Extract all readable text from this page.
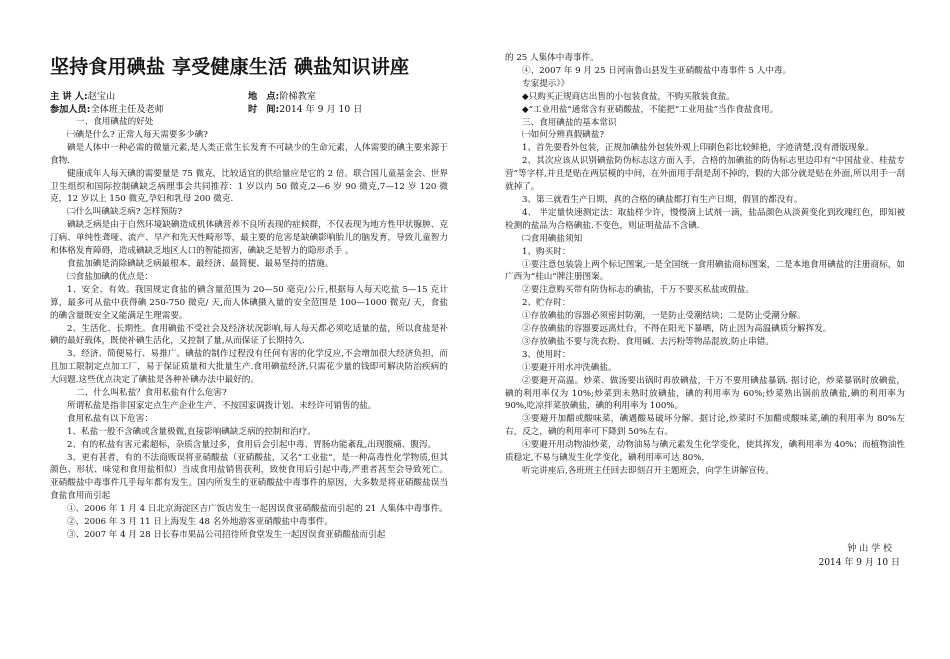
坚持食用碘盐 享受健康生活 碘盐知识讲座
主 讲 人:赵宝山	地　点:阶梯教室
参加人员:全体班主任及老师	时　间:2014 年 9 月 10 日

一、食用碘盐的好处

㈠碘是什么? 正常人每天需要多少碘?

碘是人体中一种必需的微量元素,是人类正常生长发育不可缺少的生命元素，人体需要的碘主要来源于食物.

健康成年人每天碘的需要量是 75 微克，比较适宜的供给量应是它的 2 倍。联合国儿童基金会、世界卫生组织和国际控制碘缺乏病理事会共同推荐：1 岁以内 50 微克,2—6 岁 90 微克,7—12 岁 120 微克，12 岁以上 150 微克,孕妇和乳母 200 微克.

㈡什么叫碘缺乏病? 怎样预防?

碘缺乏病是由于自然环境缺碘造成机体碘营养不良所表现的症候群，不仅表现为地方性甲状腺肿、克汀病、单纯性聋哑、流产、早产和先天性畸形等，最主要的危害是缺碘影响胎儿的脑发育，导致儿童智力和体格发育障碍，造成碘缺乏地区人口的智能损害，碘缺乏是智力的隐形杀手 。

食盐加碘是消除碘缺乏病最根本、最经济、最简便、最易坚持的措施。

㈢食盐加碘的优点是：

1、安全、有效。我国规定食盐的碘含量范围为 20—50 毫克/公斤,根据每人每天吃盐 5—15 克计算，最多可从盐中获得碘 250-750 微克/ 天,而人体碘摄入量的安全范围是 100—1000 微克/ 天，食盐的碘含量既安全又能满足生理需要。

2、生活化、长期性。食用碘盐不受社会及经济状况影响,每人每天都必须吃适量的盐，所以食盐是补碘的最好载体，既使补碘生活化，又控制了量,从而保证了长期持久.

3、经济、简便易行、易推广。碘盐的制作过程没有任何有害的化学反应,不会增加很大经济负担，而且加工限制定点加工厂，易于保证质量和大批量生产.食用碘盐经济,只需花少量的钱即可解决防治疾病的大问题.这些优点决定了碘盐是各种补碘办法中最好的。

二、什么叫私盐？食用私盐有什么危害?

所谓私盐是指非国家定点生产企业生产、不按国家调拨计划、未经许可销售的盐。

食用私盐有以下危害：

1、私盐一般不含碘或含量极微,直接影响碘缺乏病的控制和治疗。

2、有的私盐有害元素超标，杂质含量过多，食用后会引起中毒、胃肠功能紊乱,出现腹痛、腹泻。

3、更有甚者，有的不法商贩误将亚硝酸盐（亚硝酸盐，又名“工业盐”，是一种高毒性化学物质,但其颜色、形状、味觉和食用盐相似）当成食用盐销售获利，致使食用后引起中毒,严重者甚至会导致死亡。亚硝酸盐中毒事件几乎每年都有发生。国内所发生的亚硝酸盐中毒事件的原因，大多数是将亚硝酸盐误当食盐食用而引起

①、2006 年 1 月 4 日北京海淀区吉广饭店发生一起因误食亚硝酸盐而引起的 21 人集体中毒事件。

②、2006 年 3 月 11 日上海发生 48 名外地游客亚硝酸盐中毒事件。

③、2007 年 4 月 28 日长春市果品公司招待所食堂发生一起因误食亚硝酸盐而引起

的 25 人集体中毒事件。

④、2007 年 9 月 25 日河南鲁山县发生亚硝酸盐中毒事件 5 人中毒。

专家提示》》

◆只购买正规商店出售的小包装食盐，不购买散装食盐。

◆“工业用盐”通常含有亚硝酸盐，不能把“工业用盐”当作食盐食用。

三、食用碘盐的基本常识

㈠如何分辨真假碘盐?

1、首先要看外包装，正规加碘盐外包装外观上印刷色彩比较鲜艳，字迹清楚,没有滑版现象。

2、其次应该从识别碘盐防伪标志这方面入手，合格的加碘盐的防伪标志里边印有“中国盐业、桂盐专营”等字样,并且是贴在两层模的中间，在外面用手刮是刮不掉的，假的大部分就是贴在外面,所以用手一刮就掉了。

3、第三就看生产日期，真的合格的碘盐都打有生产日期，假冒的都没有。

4、 半定量快速测定法：取盐样少许，慢慢滴上试剂一滴，盐品颜色从淡黄变化到玫瑰红色，即知被检测的盐品为合格碘盐.不变色，则证明盐品不含碘.

㈡食用碘盐须知

1、购买时：

①要注意包装袋上两个标记图案,一是全国统一食用碘盐商标图案，二是本地食用碘盐的注册商标，如广西为“桂山”牌注册图案。

②要注意购买带有防伪标志的碘盐，千万不要买私盐或假盐。

2、贮存时：

①存放碘盐的容器必须密封防潮，一是防止受潮结块；二是防止受潮分解。

②存放碘盐的容器要远离灶台，不得在阳光下暴晒，防止因为高温碘质分解挥发。

③存放碘盐不要与洗衣粉、食用碱、去污粉等物品混放,防止串错。

3、使用时：

①要避开用水冲洗碘盐。

②要避开高温。炒菜、做汤要出锅时再放碘盐，千万不要用碘盐暴锅. 据讨论，炒菜暴锅时放碘盐，碘的利用率仅为 10%;炒菜到未熟时放碘盐，碘的利用率为 60%;炒菜熟出锅前放碘盐,碘的利用率为 90%,吃凉拌菜放碘盐，碘的利用率为 100%。

③要避开加醋或酸味菜，碘遇酸易破坏分解。据讨论,炒菜时不加醋或酸味菜,碘的利用率为 80%左右，反之，碘的利用率可下降到 50%左右。

④要避开用动物油炒菜，动物油易与碘元素发生化学变化，使其挥发，碘利用率为 40%；而植物油性质稳定,不易与碘发生化学变化，碘利用率可达 80%.

听完讲座后,各班班主任回去即刻召开主题班会，向学生讲解宣传。

钟 山 学 校
2014 年 9 月 10 日
